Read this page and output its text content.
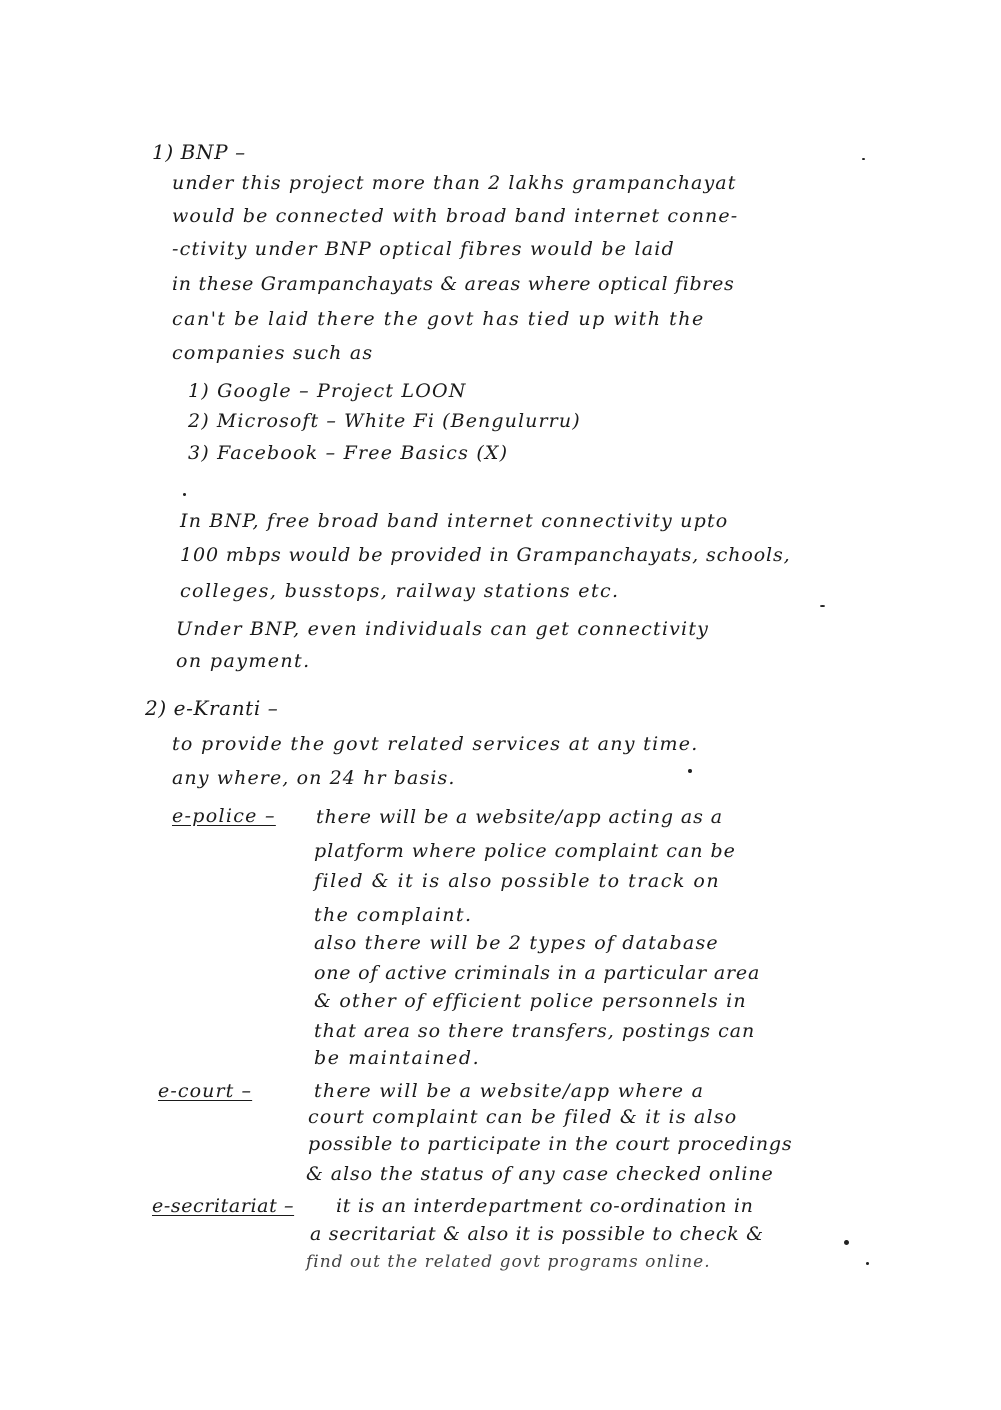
1) BNP –
under this project more than 2 lakhs grampanchayat
would be connected with broad band internet conne-
-ctivity under BNP optical fibres would be laid
in these Grampanchayats & areas where optical fibres
can't be laid there the govt has tied up with the
companies such as
1) Google – Project LOON
2) Microsoft – White Fi (Bengulurru)
3) Facebook – Free Basics (X)
In BNP, free broad band internet connectivity upto
100 mbps would be provided in Grampanchayats, schools,
colleges, busstops, railway stations etc.
Under BNP, even individuals can get connectivity
on payment.
2) e-Kranti –
to provide the govt related services at any time.
any where, on 24 hr basis.
e-police – there will be a website/app acting as a
platform where police complaint can be
filed & it is also possible to track on
the complaint.
also there will be 2 types of database
one of active criminals in a particular area
& other of efficient police personnels in
that area so there transfers, postings can
be maintained.
e-court –	there will be a website/app where a
court complaint can be filed & it is also
possible to participate in the court procedings
& also the status of any case checked online
e-secritariat – it is an interdepartment co-ordination in
a secritariat & also it is possible to check &
find out the related govt programs online.
